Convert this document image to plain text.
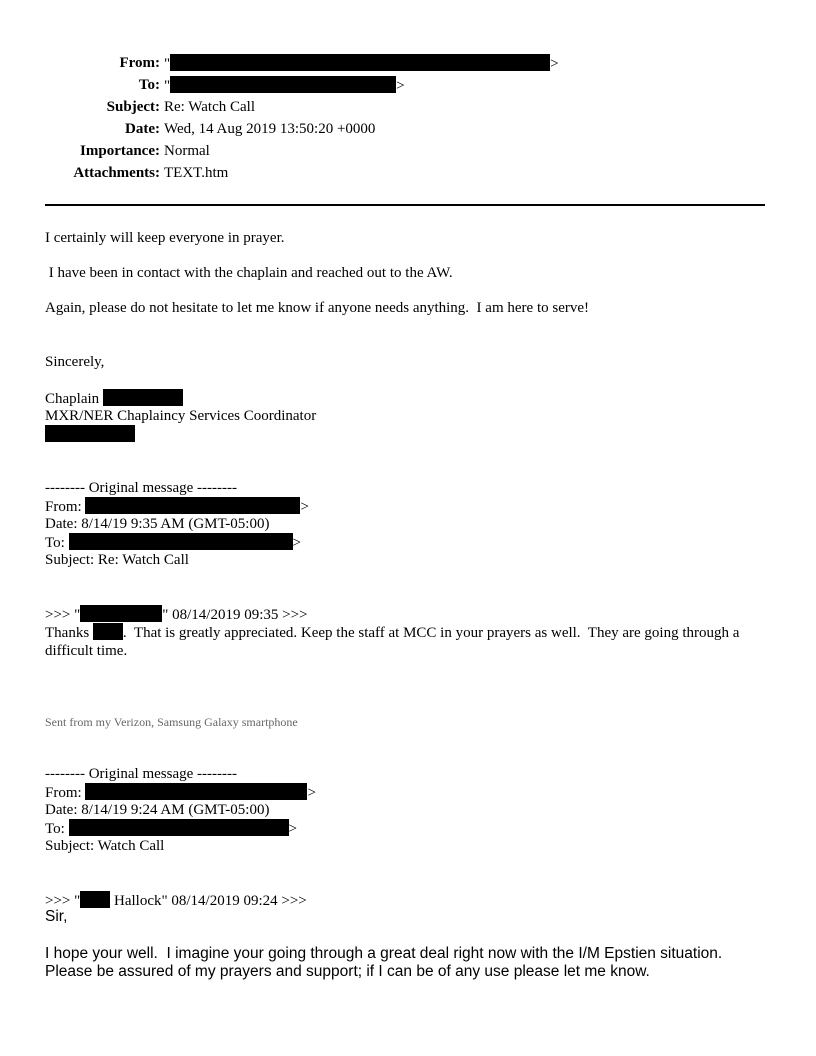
From: "	>
To: "	>
Subject: Re: Watch Call
Date: Wed, 14 Aug 2019 13:50:20 +0000
Importance: Normal
Attachments: TEXT.htm
I certainly will keep everyone in prayer.
I have been in contact with the chaplain and reached out to the AW.
Again, please do not hesitate to let me know if anyone needs anything.  I am here to serve!
Sincerely,
Chaplain
MXR/NER Chaplaincy Services Coordinator
-------- Original message --------
From:	>
Date: 8/14/19 9:35 AM (GMT-05:00)
To:	>
Subject: Re: Watch Call
>>> "	" 08/14/2019 09:35 >>>
Thanks .  That is greatly appreciated. Keep the staff at MCC in your prayers as well.  They are going through a difficult time.
Sent from my Verizon, Samsung Galaxy smartphone
-------- Original message --------
From:	>
Date: 8/14/19 9:24 AM (GMT-05:00)
To:	>
Subject: Watch Call
>>> " Hallock" 08/14/2019 09:24 >>>
Sir,
I hope your well.  I imagine your going through a great deal right now with the I/M Epstien situation. Please be assured of my prayers and support; if I can be of any use please let me know.
